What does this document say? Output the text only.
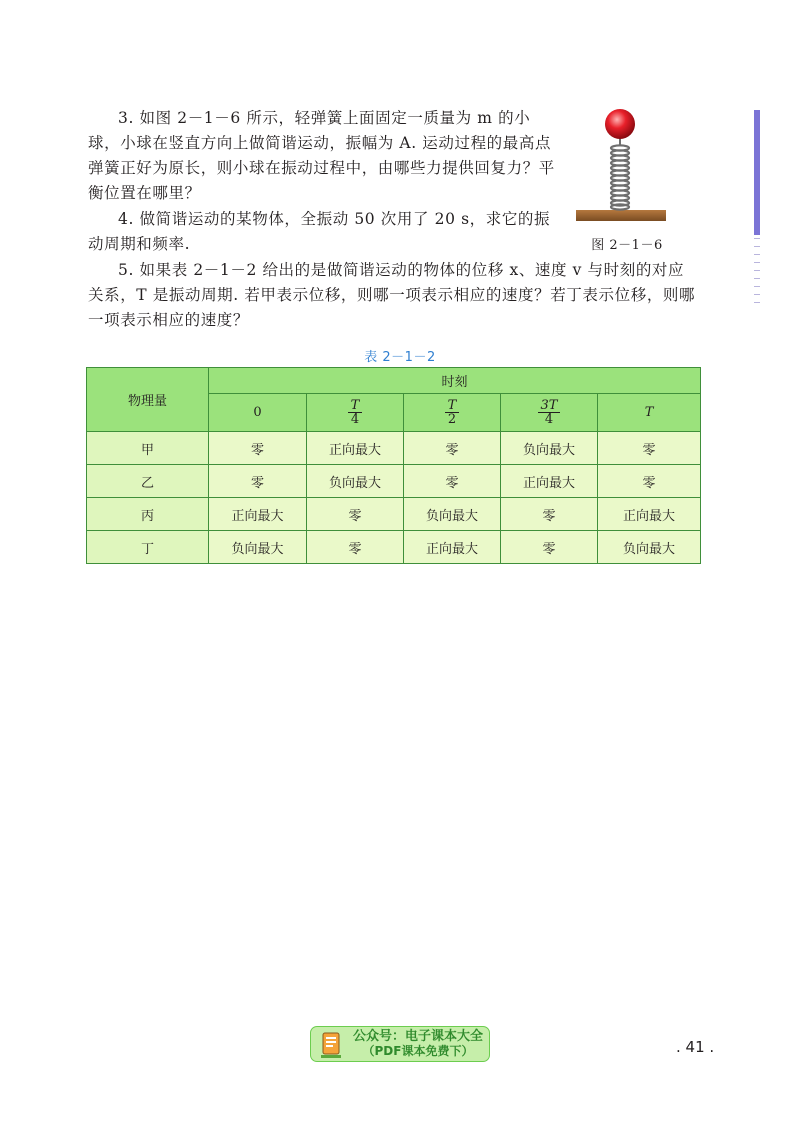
3. 如图 2－1－6 所示，轻弹簧上面固定一质量为 m 的小球，小球在竖直方向上做简谐运动，振幅为 A. 运动过程的最高点弹簧正好为原长，则小球在振动过程中，由哪些力提供回复力？平衡位置在哪里？

4. 做简谐运动的某物体，全振动 50 次用了 20 s，求它的振动周期和频率.

5. 如果表 2－1－2 给出的是做简谐运动的物体的位移 x、速度 v 与时刻的对应关系，T 是振动周期. 若甲表示位移，则哪一项表示相应的速度？若丁表示位移，则哪一项表示相应的速度？

图 2－1－6
表 2－1－2
物理量	时刻				
	0	$\frac{T}{4}$	$\frac{T}{2}$	$\frac{3T}{4}$	T
甲	零	正向最大	零	负向最大	零
乙	零	负向最大	零	正向最大	零
丙	正向最大	零	负向最大	零	正向最大
丁	负向最大	零	正向最大	零	负向最大
公众号：电子课本大全
（PDF课本免费下）	. 41 .
